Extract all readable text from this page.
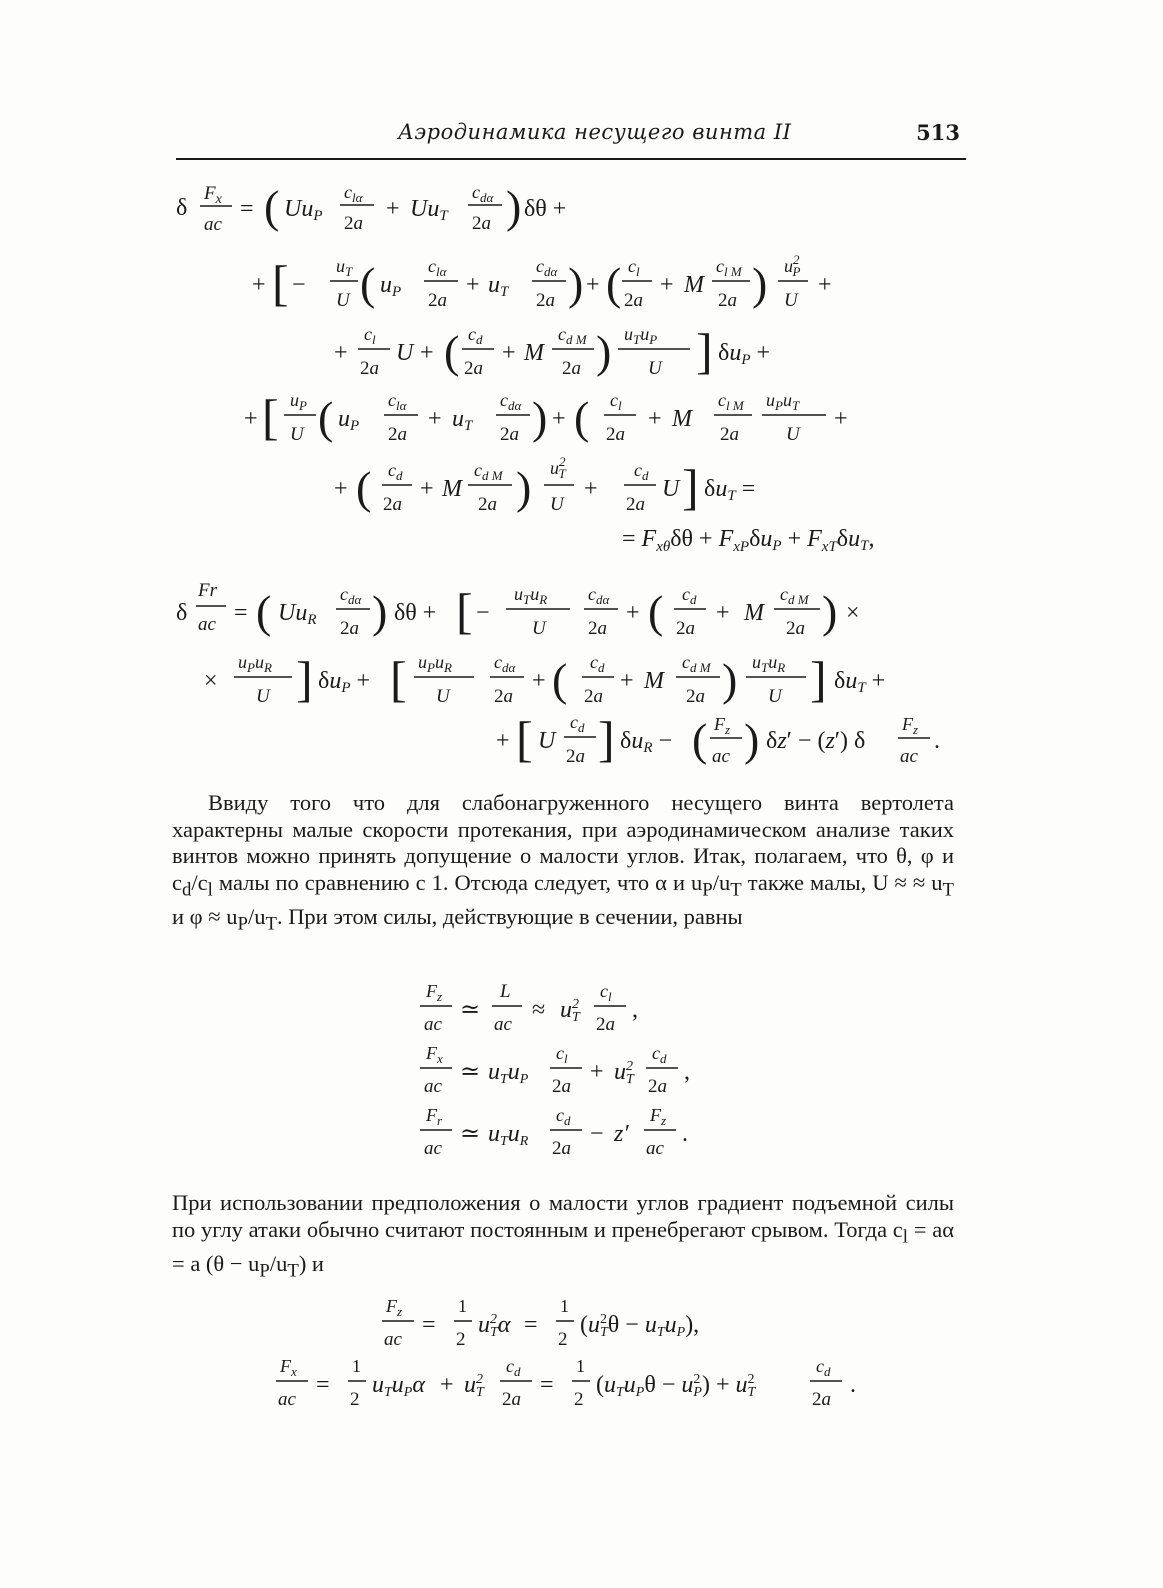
Аэродинамика несущего винта II	513
δ
$F_x$
ac
= ( UuP
$c_{l\alpha}$
2a
+ UuT
$c_{d\alpha}$
2a ) δθ +
+ [ −
$u_T$
U ( uP
$c_{l\alpha}$
2a
+ uT
$c_{d\alpha}$
2a ) + ( $c_l$
2a
+ M
$c_{l M}$
2a ) $u^2$ P
U
+
+
$c_l$
2a
U + ( $c_d$
2a
+ M
$c_{d M}$
2a ) $u_Tu_P$
U ] δuP +
+ [ $u_P$
U ( uP
$c_{l\alpha}$
2a
+ uT
$c_{d\alpha}$
2a ) + ( $c_l$
2a
+ M
$c_{l M}$
2a
$u_Pu_T$
U
+
+ ( $c_d$
2a
+ M
$c_{d M}$
2a ) $u^2$ T
U
+
$c_d$
2a
U ] δuT =
= $F_{x\theta}\delta\theta + F_{xP}\delta uP + F_{xT}\delta uT$,
δ
Fr
ac = ( UuR
$c_{d\alpha}$
2a ) δθ + [ −
$u_Tu_R$
U
$c_{d\alpha}$
2a
+ ( $c_d$
2a
+ M
$c_{d M}$
2a ) ×
×
$u_Pu_R$
U ] δuP + [ $u_Pu_R$
U
$c_{d\alpha}$
2a
+ ( $c_d$
2a
+ M
$c_{d M}$
2a ) $u_Tu_R$
U ] δuT +
+ [ U
$c_d$
2a ] δuR − ( $F_z$
ac ) δz′ − (z′) δ
$F_z$
ac
.
Ввиду того что для слабонагруженного несущего винта вертолета характерны малые скорости протекания, при аэродинамическом анализе таких винтов можно принять допущение о малости углов. Итак, полагаем, что θ, φ и $c_d/c_l$ малы по сравнению с 1. Отсюда следует, что α и $u_P/u_T$ также малы, U ≈ ≈ $u_T$ и $\varphi \approx u_P/u_T$. При этом силы, действующие в сечении, равны
$F_z$
ac
≃
L
ac
≈ $u^2$ T
$c_l$
2a
,
$F_x$
ac
≃ uTuP
$c_l$
2a
+ $u^2$ T
$c_d$
2a
,
$F_r$
ac
≃ uTuR
$c_d$
2a
− z′
$F_z$
ac
.
При использовании предположения о малости углов градиент подъемной силы по углу атаки обычно считают постоянным и пренебрегают срывом. Тогда $c_l = a\alpha = a$ $(\theta - u_P/u_T)$ и
$F_z$
ac
=
1
2
$u^2$ Tα =
1
2
($u^2$ Tθ − uTuP),
$F_x$
ac
=
1
2
uTuPα + $u^2$ T
$c_d$
2a
=
1
2
(uTuPθ − $u^2$ $P) + u^2$ T
$c_d$
2a
.
